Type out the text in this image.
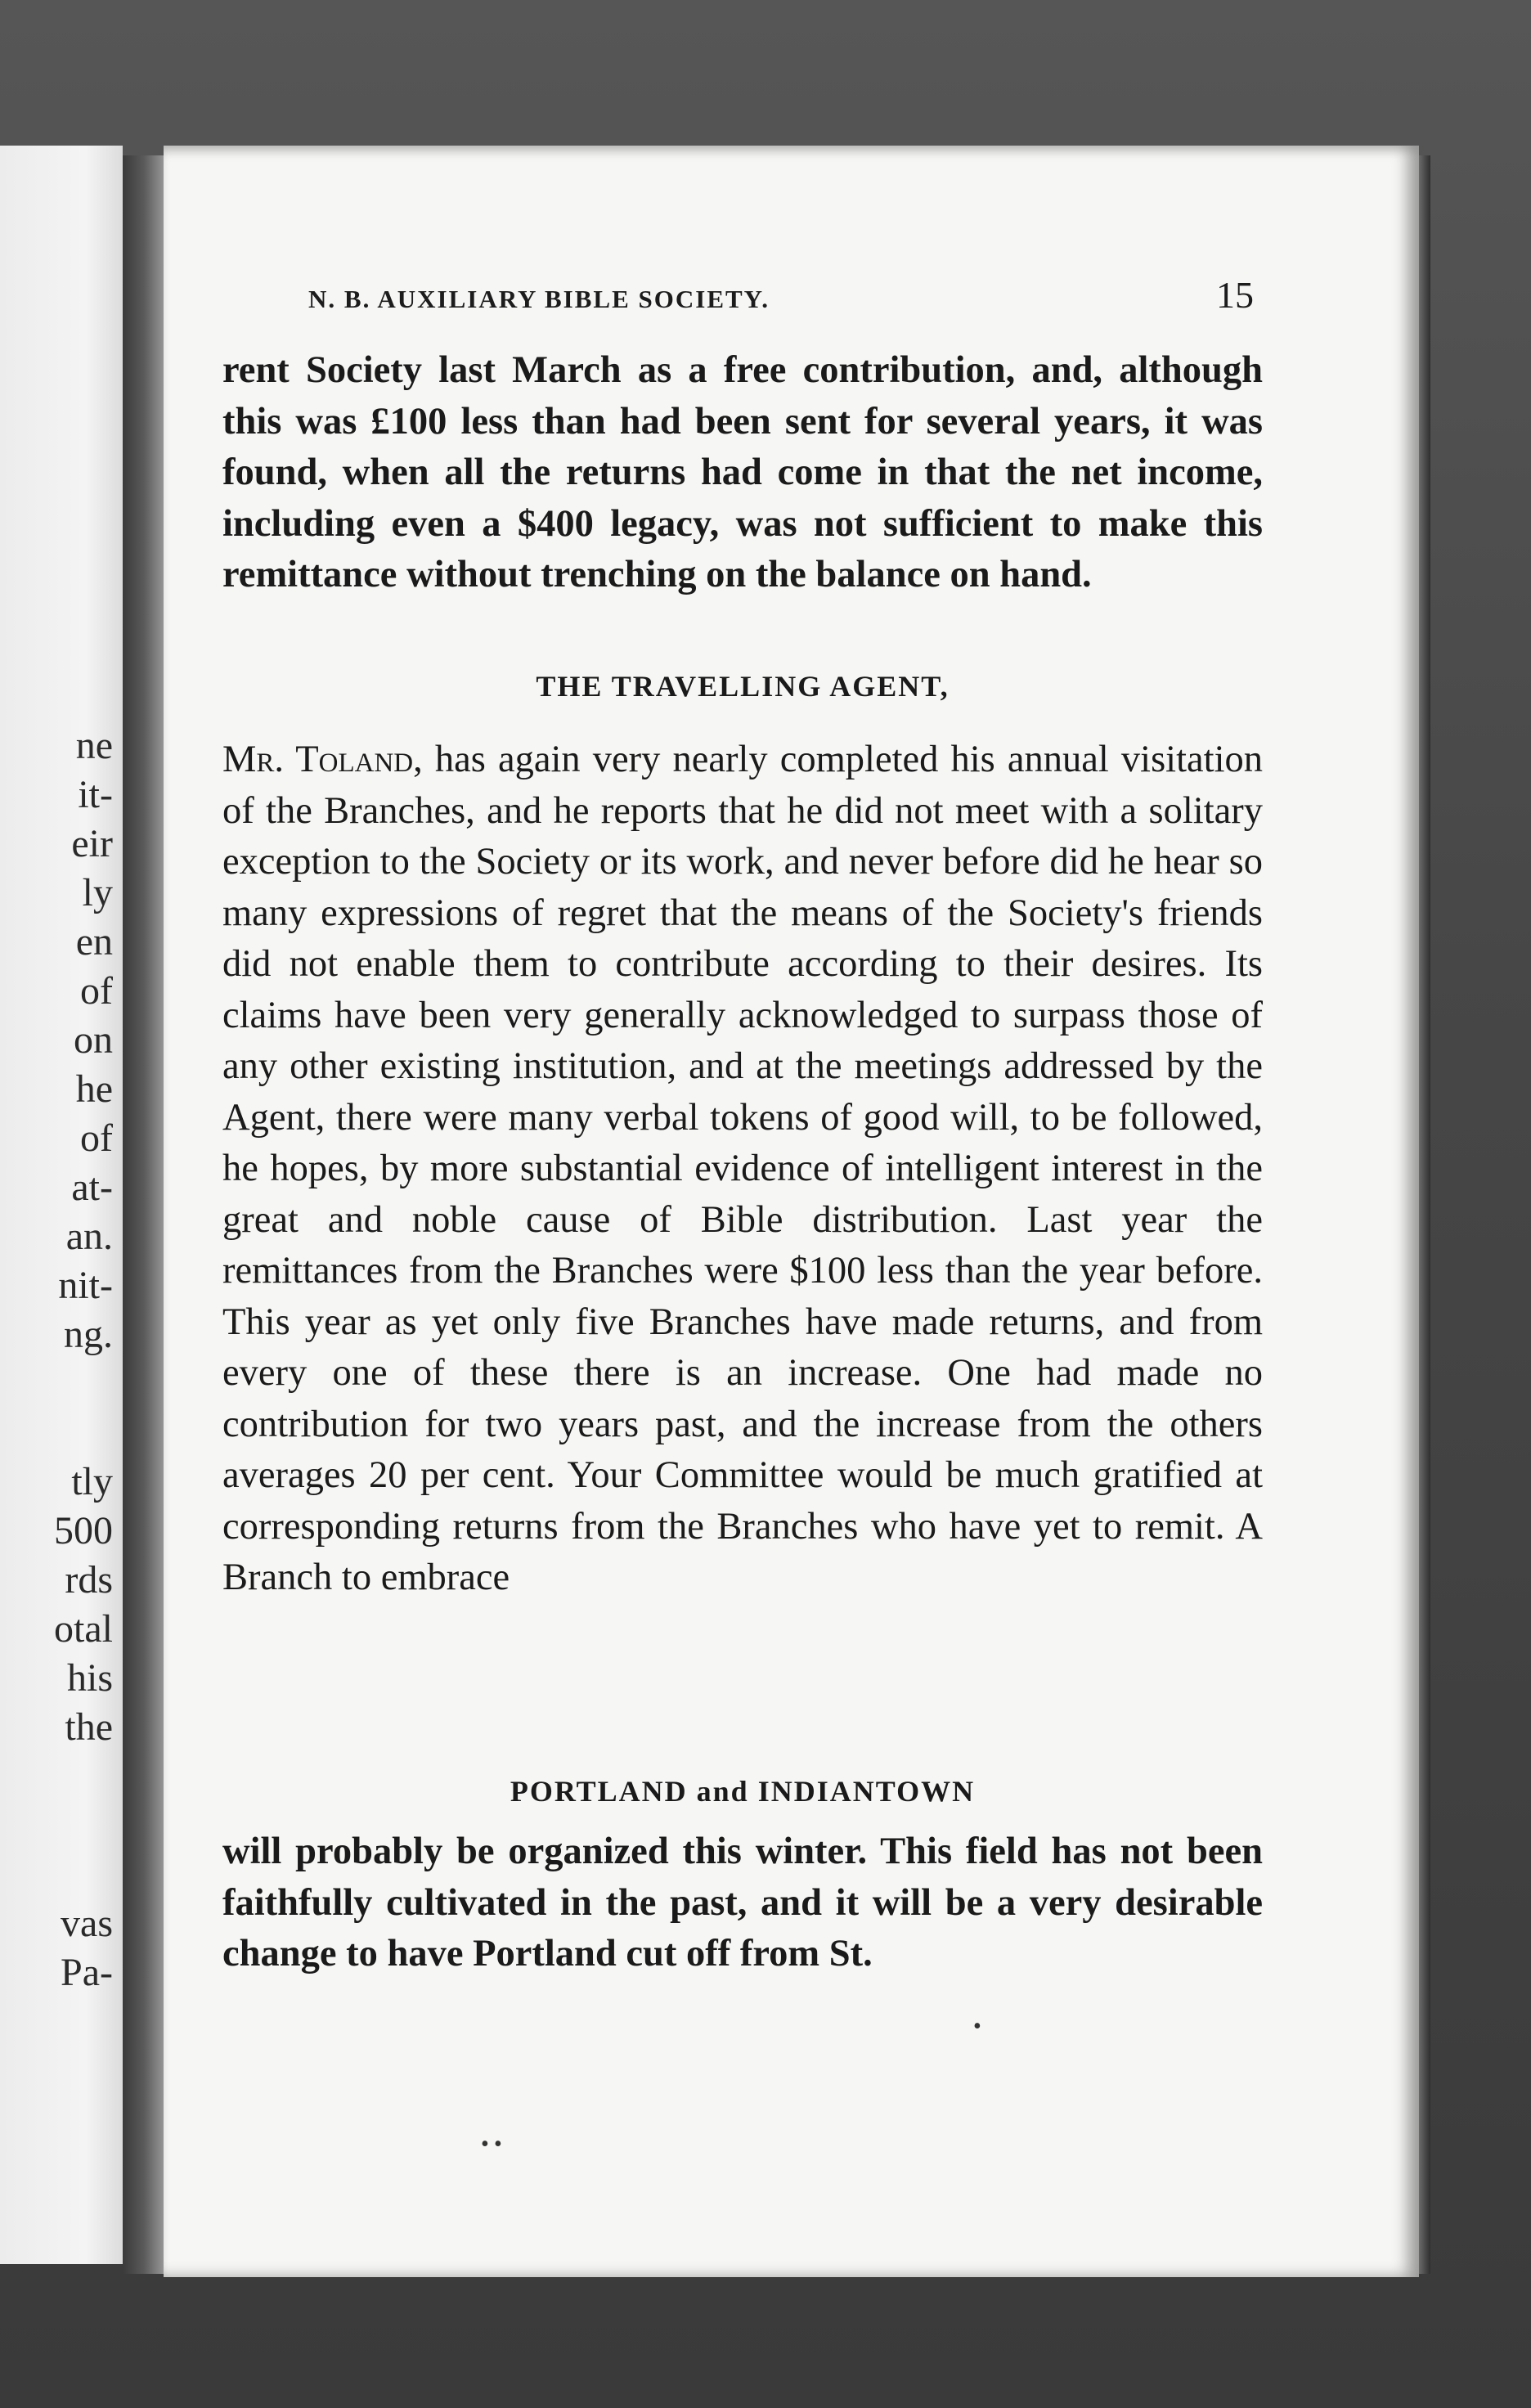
ne
it-
eir
ly
en
of
on
he
of
at-
an.
nit-
ng.
tly
500
rds
otal
his
the
vas
Pa-
N. B. AUXILIARY BIBLE SOCIETY.	15

rent Society last March as a free contribution, and, although this was £100 less than had been sent for several years, it was found, when all the returns had come in that the net income, including even a $400 legacy, was not sufficient to make this remittance without trenching on the balance on hand.

THE TRAVELLING AGENT,

Mr. Toland, has again very nearly completed his annual visitation of the Branches, and he reports that he did not meet with a solitary exception to the Society or its work, and never before did he hear so many expressions of regret that the means of the Society's friends did not enable them to contribute according to their desires. Its claims have been very generally acknowledged to surpass those of any other existing institution, and at the meetings addressed by the Agent, there were many verbal tokens of good will, to be followed, he hopes, by more substantial evidence of intelligent interest in the great and noble cause of Bible distribution. Last year the remittances from the Branches were $100 less than the year before. This year as yet only five Branches have made returns, and from every one of these there is an increase. One had made no contribution for two years past, and the increase from the others averages 20 per cent. Your Committee would be much gratified at corresponding returns from the Branches who have yet to remit. A Branch to embrace

PORTLAND and INDIANTOWN

will probably be organized this winter. This field has not been faithfully cultivated in the past, and it will be a very desirable change to have Portland cut off from St.

• •
•
